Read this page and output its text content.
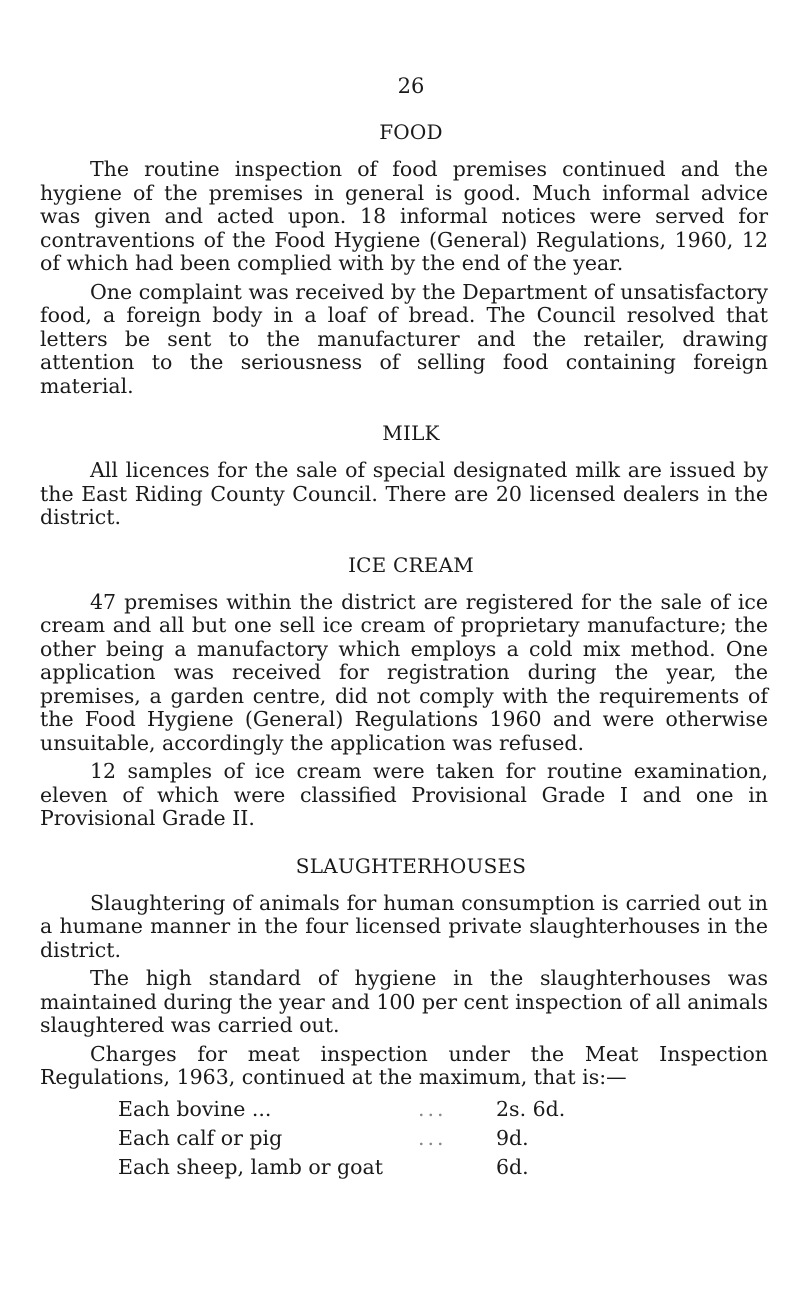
26
FOOD

The routine inspection of food premises continued and the hygiene of the premises in general is good. Much informal advice was given and acted upon. 18 informal notices were served for contraventions of the Food Hygiene (General) Regulations, 1960, 12 of which had been complied with by the end of the year.

One complaint was received by the Department of unsatisfactory food, a foreign body in a loaf of bread. The Council resolved that letters be sent to the manufacturer and the retailer, drawing attention to the seriousness of selling food containing foreign material.

MILK

All licences for the sale of special designated milk are issued by the East Riding County Council. There are 20 licensed dealers in the district.

ICE CREAM

47 premises within the district are registered for the sale of ice cream and all but one sell ice cream of proprietary manufacture; the other being a manufactory which employs a cold mix method. One application was received for registration during the year, the premises, a garden centre, did not comply with the requirements of the Food Hygiene (General) Regulations 1960 and were otherwise unsuitable, accordingly the application was refused.

12 samples of ice cream were taken for routine examination, eleven of which were classified Provisional Grade I and one in Provisional Grade II.

SLAUGHTERHOUSES

Slaughtering of animals for human consumption is carried out in a humane manner in the four licensed private slaughterhouses in the district.

The high standard of hygiene in the slaughterhouses was maintained during the year and 100 per cent inspection of all animals slaughtered was carried out.

Charges for meat inspection under the Meat Inspection Regulations, 1963, continued at the maximum, that is:—

Each bovine ...	...	2s. 6d.
Each calf or pig	...	9d.
Each sheep, lamb or goat	6d.
